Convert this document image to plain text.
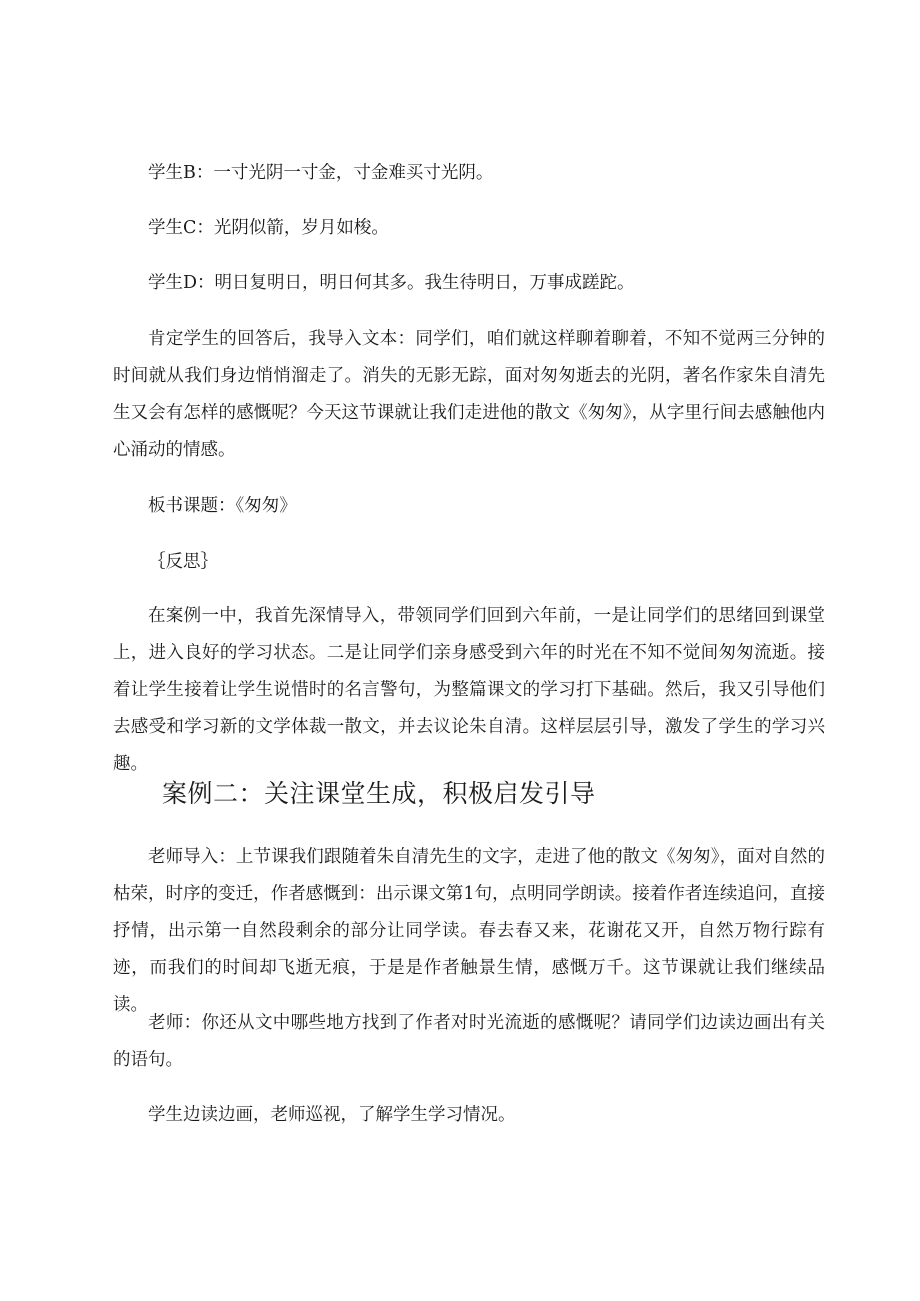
学生B：一寸光阴一寸金，寸金难买寸光阴。

学生C：光阴似箭，岁月如梭。

学生D：明日复明日，明日何其多。我生待明日，万事成蹉跎。

肯定学生的回答后，我导入文本：同学们，咱们就这样聊着聊着，不知不觉两三分钟的时间就从我们身边悄悄溜走了。消失的无影无踪，面对匆匆逝去的光阴，著名作家朱自清先生又会有怎样的感慨呢？今天这节课就让我们走进他的散文《匆匆》，从字里行间去感触他内心涌动的情感。

板书课题：《匆匆》

｛反思｝

在案例一中，我首先深情导入，带领同学们回到六年前，一是让同学们的思绪回到课堂上，进入良好的学习状态。二是让同学们亲身感受到六年的时光在不知不觉间匆匆流逝。接着让学生接着让学生说惜时的名言警句，为整篇课文的学习打下基础。然后，我又引导他们去感受和学习新的文学体裁一散文，并去议论朱自清。这样层层引导，激发了学生的学习兴趣。

案例二：关注课堂生成，积极启发引导

老师导入：上节课我们跟随着朱自清先生的文字，走进了他的散文《匆匆》，面对自然的枯荣，时序的变迁，作者感慨到：出示课文第1句，点明同学朗读。接着作者连续追问，直接抒情，出示第一自然段剩余的部分让同学读。春去春又来，花谢花又开，自然万物行踪有迹，而我们的时间却飞逝无痕，于是是作者触景生情，感慨万千。这节课就让我们继续品读。

老师：你还从文中哪些地方找到了作者对时光流逝的感慨呢？请同学们边读边画出有关的语句。

学生边读边画，老师巡视，了解学生学习情况。
